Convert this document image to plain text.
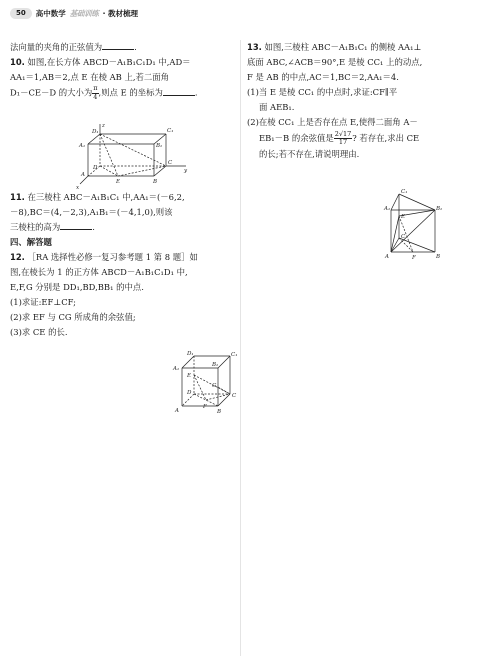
50	高中数学 基础训练 · 教材梳理

法向量的夹角的正弦值为	.

10. 如图,在长方体 ABCD－A₁B₁C₁D₁ 中,AD＝

AA₁＝1,AB＝2,点 E 在棱 AB 上,若二面角

D₁－CE－D 的大小为 $\frac{\pi}{4}$ ,则点 E 的坐标为	.

z
D₁	C₁
A₁	B₁
D
C
y
A
E	B
x

11. 在三棱柱 ABC－A₁B₁C₁ 中,AA₁＝(－6,2,

－8),BC＝(4,－2,3),A₁B₁＝(－4,1,0),则该

三棱柱的高为	.

四、解答题

12. ［RA 选择性必修一复习参考题 1 第 8 题］如

图,在棱长为 1 的正方体 ABCD－A₁B₁C₁D₁ 中,

E,F,G 分别是 DD₁,BD,BB₁ 的中点.

(1)求证:EF⊥CF;

(2)求 EF 与 CG 所成角的余弦值;

(3)求 CE 的长.

D₁	C₁
A₁
B₁
E
G
D	C
F
A	B

13. 如图,三棱柱 ABC－A₁B₁C₁ 的侧棱 AA₁⊥

底面 ABC,∠ACB＝90°,E 是棱 CC₁ 上的动点,

F 是 AB 的中点,AC＝1,BC＝2,AA₁＝4.

(1)当 E 是棱 CC₁ 的中点时,求证:CF∥平

面 AEB₁.

(2)在棱 CC₁ 上是否存在点 E,使得二面角 A－

EB₁－B 的余弦值是 $\frac{2√17}{17}$ ? 若存在,求出 CE

的长;若不存在,请说明理由.

C₁
A₁	B₁
E
C
A	F	B
